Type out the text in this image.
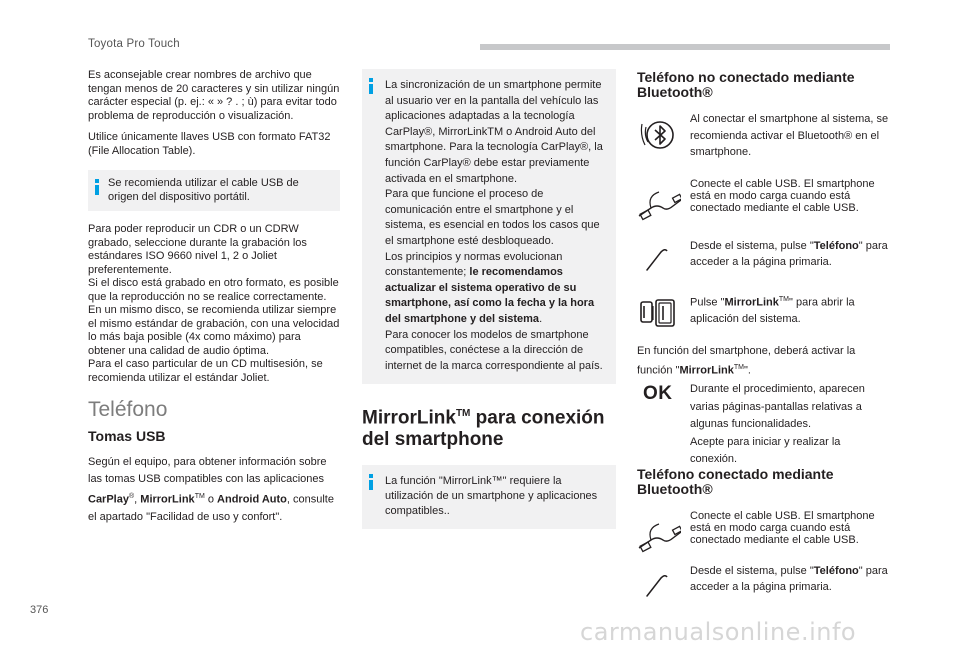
Toyota Pro Touch

Es aconsejable crear nombres de archivo que tengan menos de 20 caracteres y sin utilizar ningún carácter especial (p. ej.: « » ? . ; ù) para evitar todo problema de reproducción o visualización.

Utilice únicamente llaves USB con formato FAT32 (File Allocation Table).

Se recomienda utilizar el cable USB de origen del dispositivo portátil.

Para poder reproducir un CDR o un CDRW grabado, seleccione durante la grabación los estándares ISO 9660 nivel 1, 2 o Joliet preferentemente.
Si el disco está grabado en otro formato, es posible que la reproducción no se realice correctamente.
En un mismo disco, se recomienda utilizar siempre el mismo estándar de grabación, con una velocidad lo más baja posible (4x como máximo) para obtener una calidad de audio óptima.
Para el caso particular de un CD multisesión, se recomienda utilizar el estándar Joliet.

Teléfono
Tomas USB

Según el equipo, para obtener información sobre las tomas USB compatibles con las aplicaciones CarPlay®, MirrorLink™ o Android Auto, consulte el apartado "Facilidad de uso y confort".

La sincronización de un smartphone permite al usuario ver en la pantalla del vehículo las aplicaciones adaptadas a la tecnología CarPlay®, MirrorLinkTM o Android Auto del smartphone. Para la tecnología CarPlay®, la función CarPlay® debe estar previamente activada en el smartphone.
Para que funcione el proceso de comunicación entre el smartphone y el sistema, es esencial en todos los casos que el smartphone esté desbloqueado.
Los principios y normas evolucionan constantemente; le recomendamos actualizar el sistema operativo de su smartphone, así como la fecha y la hora del smartphone y del sistema.
Para conocer los modelos de smartphone compatibles, conéctese a la dirección de internet de la marca correspondiente al país.

MirrorLink™ para conexión del smartphone
La función "MirrorLink™" requiere la utilización de un smartphone y aplicaciones compatibles..
Teléfono no conectado mediante Bluetooth®
Al conectar el smartphone al sistema, se recomienda activar el Bluetooth® en el smartphone.
Conecte el cable USB. El smartphone está en modo carga cuando está conectado mediante el cable USB.
Desde el sistema, pulse "Teléfono" para acceder a la página primaria.
Pulse "MirrorLink™" para abrir la aplicación del sistema.
En función del smartphone, deberá activar la función "MirrorLink™".
OK	Durante el procedimiento, aparecen varias páginas-pantallas relativas a algunas funcionalidades.
Acepte para iniciar y realizar la conexión.
Teléfono conectado mediante Bluetooth®
Conecte el cable USB. El smartphone está en modo carga cuando está conectado mediante el cable USB.
Desde el sistema, pulse "Teléfono" para acceder a la página primaria.
376
carmanualsonline.info
